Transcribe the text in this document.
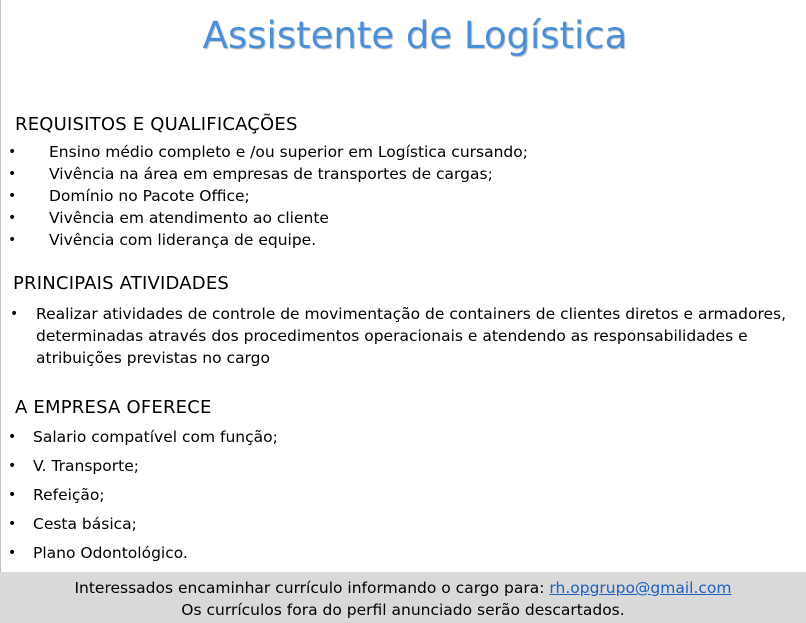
Assistente de Logística
REQUISITOS E QUALIFICAÇÕES
• Ensino médio completo e /ou superior em Logística cursando;
• Vivência na área em empresas de transportes de cargas;
• Domínio no Pacote Office;
• Vivência em atendimento ao cliente
• Vivência com liderança de equipe.
PRINCIPAIS ATIVIDADES
• Realizar atividades de controle de movimentação de containers de clientes diretos e armadores, determinadas através dos procedimentos operacionais e atendendo as responsabilidades e atribuições previstas no cargo
A EMPRESA OFERECE
• Salario compatível com função;
• V. Transporte;
• Refeição;
• Cesta básica;
• Plano Odontológico.
Interessados encaminhar currículo informando o cargo para: rh.opgrupo@gmail.com
Os currículos fora do perfil anunciado serão descartados.
